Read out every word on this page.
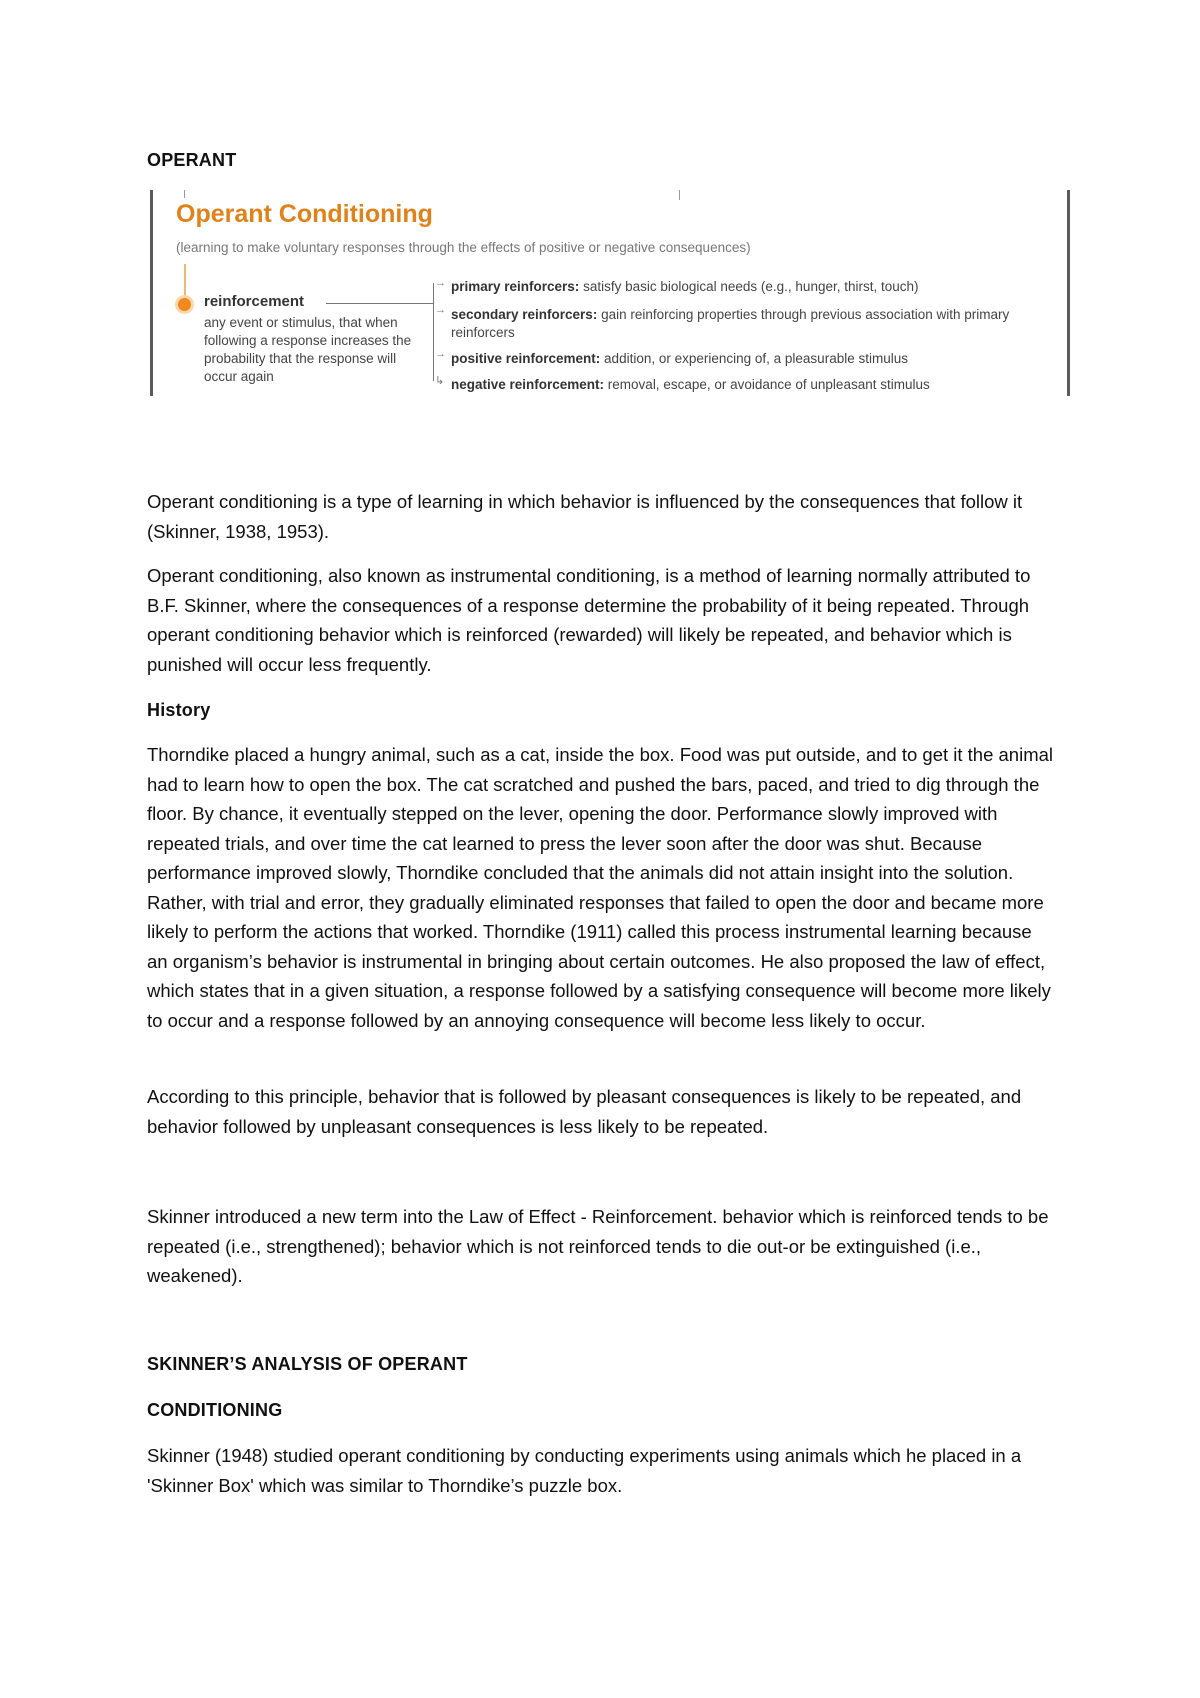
OPERANT
Operant Conditioning
(learning to make voluntary responses through the effects of positive or negative consequences)
reinforcement
any event or stimulus, that when following a response increases the probability that the response will occur again
→
→
→
↳
primary reinforcers: satisfy basic biological needs (e.g., hunger, thirst, touch)
secondary reinforcers: gain reinforcing properties through previous association with primary reinforcers
positive reinforcement: addition, or experiencing of, a pleasurable stimulus
negative reinforcement: removal, escape, or avoidance of unpleasant stimulus

Operant conditioning is a type of learning in which behavior is influenced by the consequences that follow it (Skinner, 1938, 1953).

Operant conditioning, also known as instrumental conditioning, is a method of learning normally attributed to B.F. Skinner, where the consequences of a response determine the probability of it being repeated. Through operant conditioning behavior which is reinforced (rewarded) will likely be repeated, and behavior which is punished will occur less frequently.

History

Thorndike placed a hungry animal, such as a cat, inside the box. Food was put outside, and to get it the animal had to learn how to open the box. The cat scratched and pushed the bars, paced, and tried to dig through the floor. By chance, it eventually stepped on the lever, opening the door. Performance slowly improved with repeated trials, and over time the cat learned to press the lever soon after the door was shut. Because performance improved slowly, Thorndike concluded that the animals did not attain insight into the solution. Rather, with trial and error, they gradually eliminated responses that failed to open the door and became more likely to perform the actions that worked. Thorndike (1911) called this process instrumental learning because an organism’s behavior is instrumental in bringing about certain outcomes. He also proposed the law of effect, which states that in a given situation, a response followed by a satisfying consequence will become more likely to occur and a response followed by an annoying consequence will become less likely to occur.

According to this principle, behavior that is followed by pleasant consequences is likely to be repeated, and behavior followed by unpleasant consequences is less likely to be repeated.

Skinner introduced a new term into the Law of Effect - Reinforcement. behavior which is reinforced tends to be repeated (i.e., strengthened); behavior which is not reinforced tends to die out-or be extinguished (i.e., weakened).

SKINNER’S ANALYSIS OF OPERANT
CONDITIONING

Skinner (1948) studied operant conditioning by conducting experiments using animals which he placed in a 'Skinner Box' which was similar to Thorndike’s puzzle box.
